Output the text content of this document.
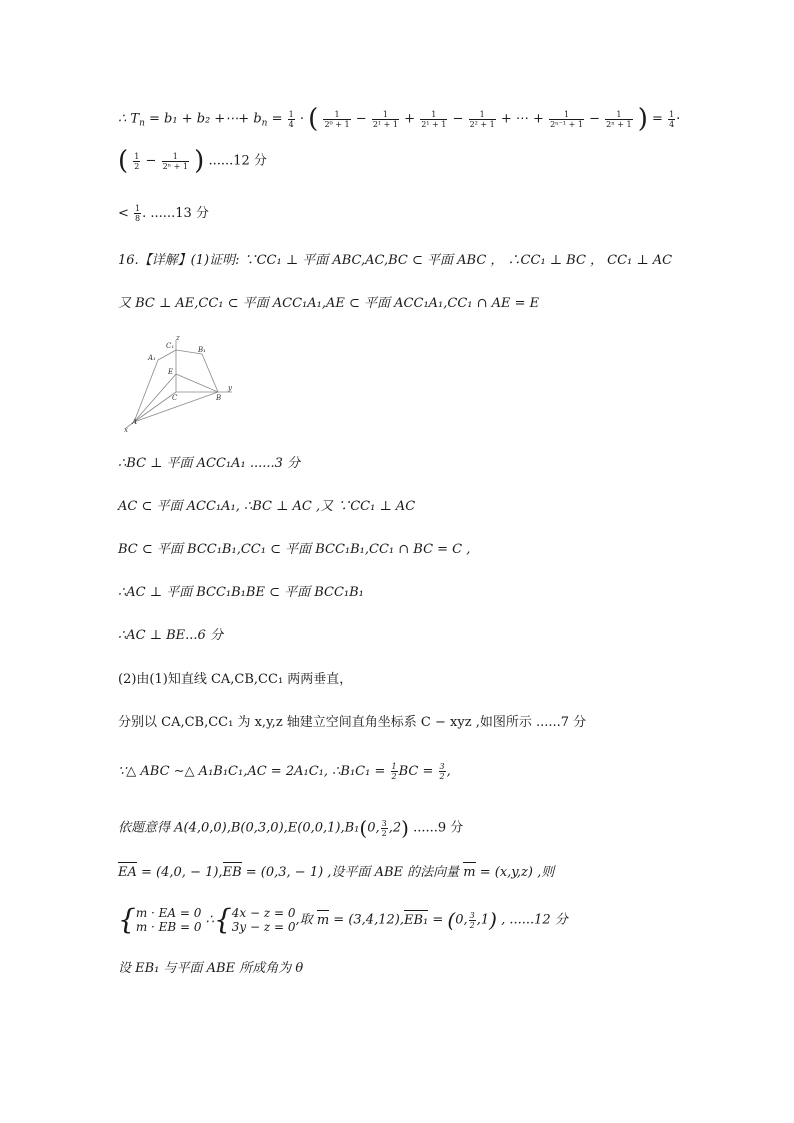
∴ $T_n = b_1 + b_2$ +⋯+ $b_n = \frac{1}{4}$ · ( $\frac{1}{\text{2⁰ + 1}} - \frac{1}{\text{2¹ + 1}} + \frac{1}{\text{2¹ + 1}} - \frac{1}{\text{2² + 1}}$ + ⋯ + $\frac{1}{\text{2ⁿ⁻¹ + 1}} - \frac{1}{\text{2ⁿ + 1}}$ ) = $\frac{1}{4}$ ·
( $\frac{1}{2} - \frac{1}{\text{2ⁿ + 1}}$ ) ......12 分
< $\frac{1}{8}$ . ......13 分
16.【详解】(1)证明: ∵CC₁ ⊥ 平面 ABC,AC,BC ⊂ 平面 ABC ， ∴CC₁ ⊥ BC ， CC₁ ⊥ AC
又 BC ⊥ AE,CC₁ ⊂ 平面 ACC₁A₁,AE ⊂ 平面 ACC₁A₁,CC₁ ∩ AE = E
C₁
z
B₁
A₁
E
y
C	B
A
x
∴BC ⊥ 平面 ACC₁A₁ ......3 分
AC ⊂ 平面 ACC₁A₁, ∴BC ⊥ AC ,又 ∵CC₁ ⊥ AC
BC ⊂ 平面 BCC₁B₁,CC₁ ⊂ 平面 BCC₁B₁,CC₁ ∩ BC = C ,
∴AC ⊥ 平面 BCC₁B₁BE ⊂ 平面 BCC₁B₁
∴AC ⊥ BE...6 分
(2)由(1)知直线 CA,CB,CC₁ 两两垂直，
分别以 CA,CB,CC₁ 为 x,y,z 轴建立空间直角坐标系 C − xyz ,如图所示 ......7 分
∵△ ABC ∼△ A₁B₁C₁,AC = 2A₁C₁, ∴B₁C₁ = $\frac{1}{2}$ BC = $\frac{3}{2}$ ,
依题意得 A(4,0,0),B(0,3,0),E(0,0,1),B₁(0, $\frac{3}{2} ,2$) ......9 分
EA = (4,0, − 1),EB = (0,3, − 1) ,设平面 ABE 的法向量 m = (x,y,z) ,则
{ m · EA = 0
m · EB = 0 ∴{ 4x − z = 0
3y − z = 0 ,取 m = (3,4,12),EB₁ = (0, $\frac{3}{2} ,1$) , ......12 分
设 EB₁ 与平面 ABE 所成角为 θ
